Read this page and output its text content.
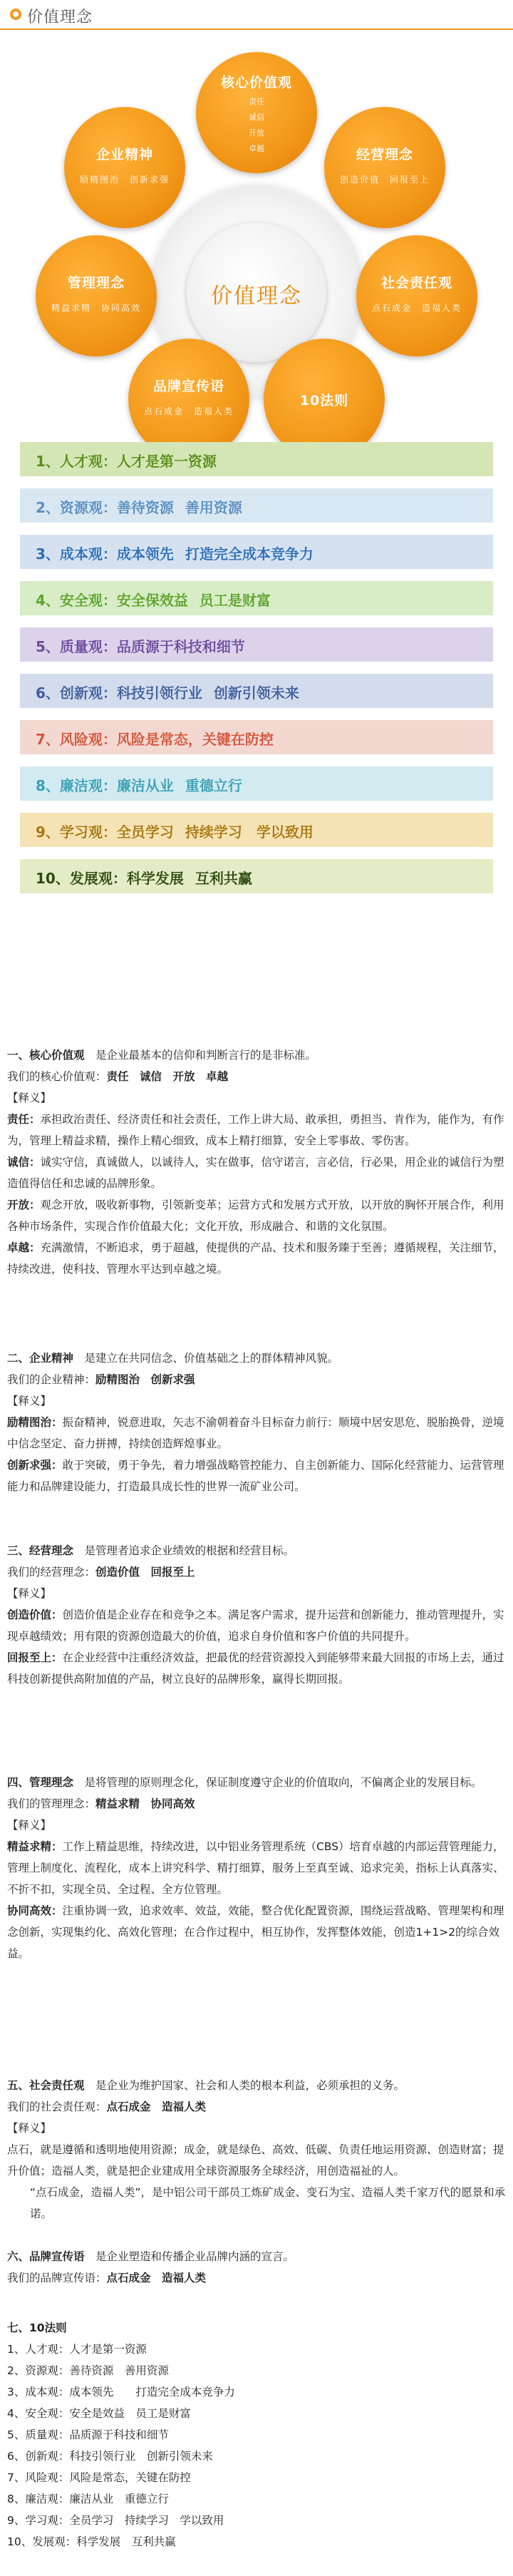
价值理念
价值理念
核心价值观
责任
诚信
开放
卓越	经营理念
创造价值　回报至上
社会责任观
点石成金　造福人类
10法则
品牌宣传语
点石成金　造福人类
管理理念
精益求精　协同高效
企业精神
励精图治　创新求强
1、人才观：人才是第一资源
2、资源观：善待资源 善用资源
3、成本观：成本领先 打造完全成本竞争力
4、安全观：安全保效益 员工是财富
5、质量观：品质源于科技和细节
6、创新观：科技引领行业 创新引领未来
7、风险观：风险是常态，关键在防控
8、廉洁观：廉洁从业 重德立行
9、学习观：全员学习 持续学习　学以致用
10、发展观：科学发展 互利共赢
一、核心价值观　 是企业最基本的信仰和判断言行的是非标准。
我们的核心价值观：责任　诚信　开放　卓越
【释义】
责任：承担政治责任、经济责任和社会责任，工作上讲大局、敢承担，勇担当、肯作为，能作为，有作为，管理上精益求精，操作上精心细致，成本上精打细算，安全上零事故、零伤害。
诚信：诚实守信，真诚做人，以诚待人，实在做事，信守诺言，言必信，行必果，用企业的诚信行为塑造值得信任和忠诚的品牌形象。
开放：观念开放，吸收新事物，引领新变革；运营方式和发展方式开放，以开放的胸怀开展合作，利用各种市场条件，实现合作价值最大化；文化开放，形成融合、和谐的文化氛围。
卓越：充满激情，不断追求，勇于超越，使提供的产品、技术和服务臻于至善；遵循规程，关注细节，持续改进，使科技、管理水平达到卓越之境。
二、企业精神　 是建立在共同信念、价值基础之上的群体精神风貌。
我们的企业精神：励精图治　创新求强
【释义】
励精图治：振奋精神，锐意进取，矢志不渝朝着奋斗目标奋力前行：顺境中居安思危、脱胎换骨，逆境中信念坚定、奋力拼搏，持续创造辉煌事业。
创新求强：敢于突破，勇于争先，着力增强战略管控能力、自主创新能力、国际化经营能力、运营管理能力和品牌建设能力，打造最具成长性的世界一流矿业公司。
三、经营理念　 是管理者追求企业绩效的根据和经营目标。
我们的经营理念：创造价值　回报至上
【释义】
创造价值：创造价值是企业存在和竞争之本。满足客户需求，提升运营和创新能力，推动管理提升，实现卓越绩效；用有限的资源创造最大的价值，追求自身价值和客户价值的共同提升。
回报至上：在企业经营中注重经济效益，把最优的经营资源投入到能够带来最大回报的市场上去，通过科技创新提供高附加值的产品，树立良好的品牌形象，赢得长期回报。
四、管理理念　 是将管理的原则理念化，保证制度遵守企业的价值取向，不偏离企业的发展目标。
我们的管理理念：精益求精　协同高效
【释义】
精益求精：工作上精益思维，持续改进，以中铝业务管理系统（CBS）培育卓越的内部运营管理能力，管理上制度化、流程化，成本上讲究科学、精打细算，服务上至真至诚、追求完美，指标上认真落实、不折不扣，实现全员、全过程、全方位管理。
协同高效：注重协调一致，追求效率、效益，效能，整合优化配置资源，围绕运营战略、管理架构和理念创新，实现集约化、高效化管理；在合作过程中，相互协作，发挥整体效能，创造1+1>2的综合效益。
五、社会责任观　 是企业为维护国家、社会和人类的根本利益，必须承担的义务。
我们的社会责任观：点石成金　造福人类
【释义】
点石，就是遵循和透明地使用资源；成金，就是绿色、高效、低碳、负责任地运用资源、创造财富；提升价值；造福人类，就是把企业建成用全球资源服务全球经济，用创造福祉的人。
“点石成金，造福人类”，是中铝公司干部员工炼矿成金、变石为宝、造福人类千家万代的愿景和承诺。
六、品牌宣传语　 是企业塑造和传播企业品牌内涵的宣言。
我们的品牌宣传语：点石成金　造福人类
七、10法则
1、人才观：人才是第一资源
2、资源观：善待资源　善用资源
3、成本观：成本领先　　打造完全成本竞争力
4、安全观：安全是效益　员工是财富
5、质量观：品质源于科技和细节
6、创新观：科技引领行业　创新引领未来
7、风险观：风险是常态，关键在防控
8、廉洁观：廉洁从业　重德立行
9、学习观：全员学习　持续学习　学以致用
10、发展观：科学发展　互利共赢
